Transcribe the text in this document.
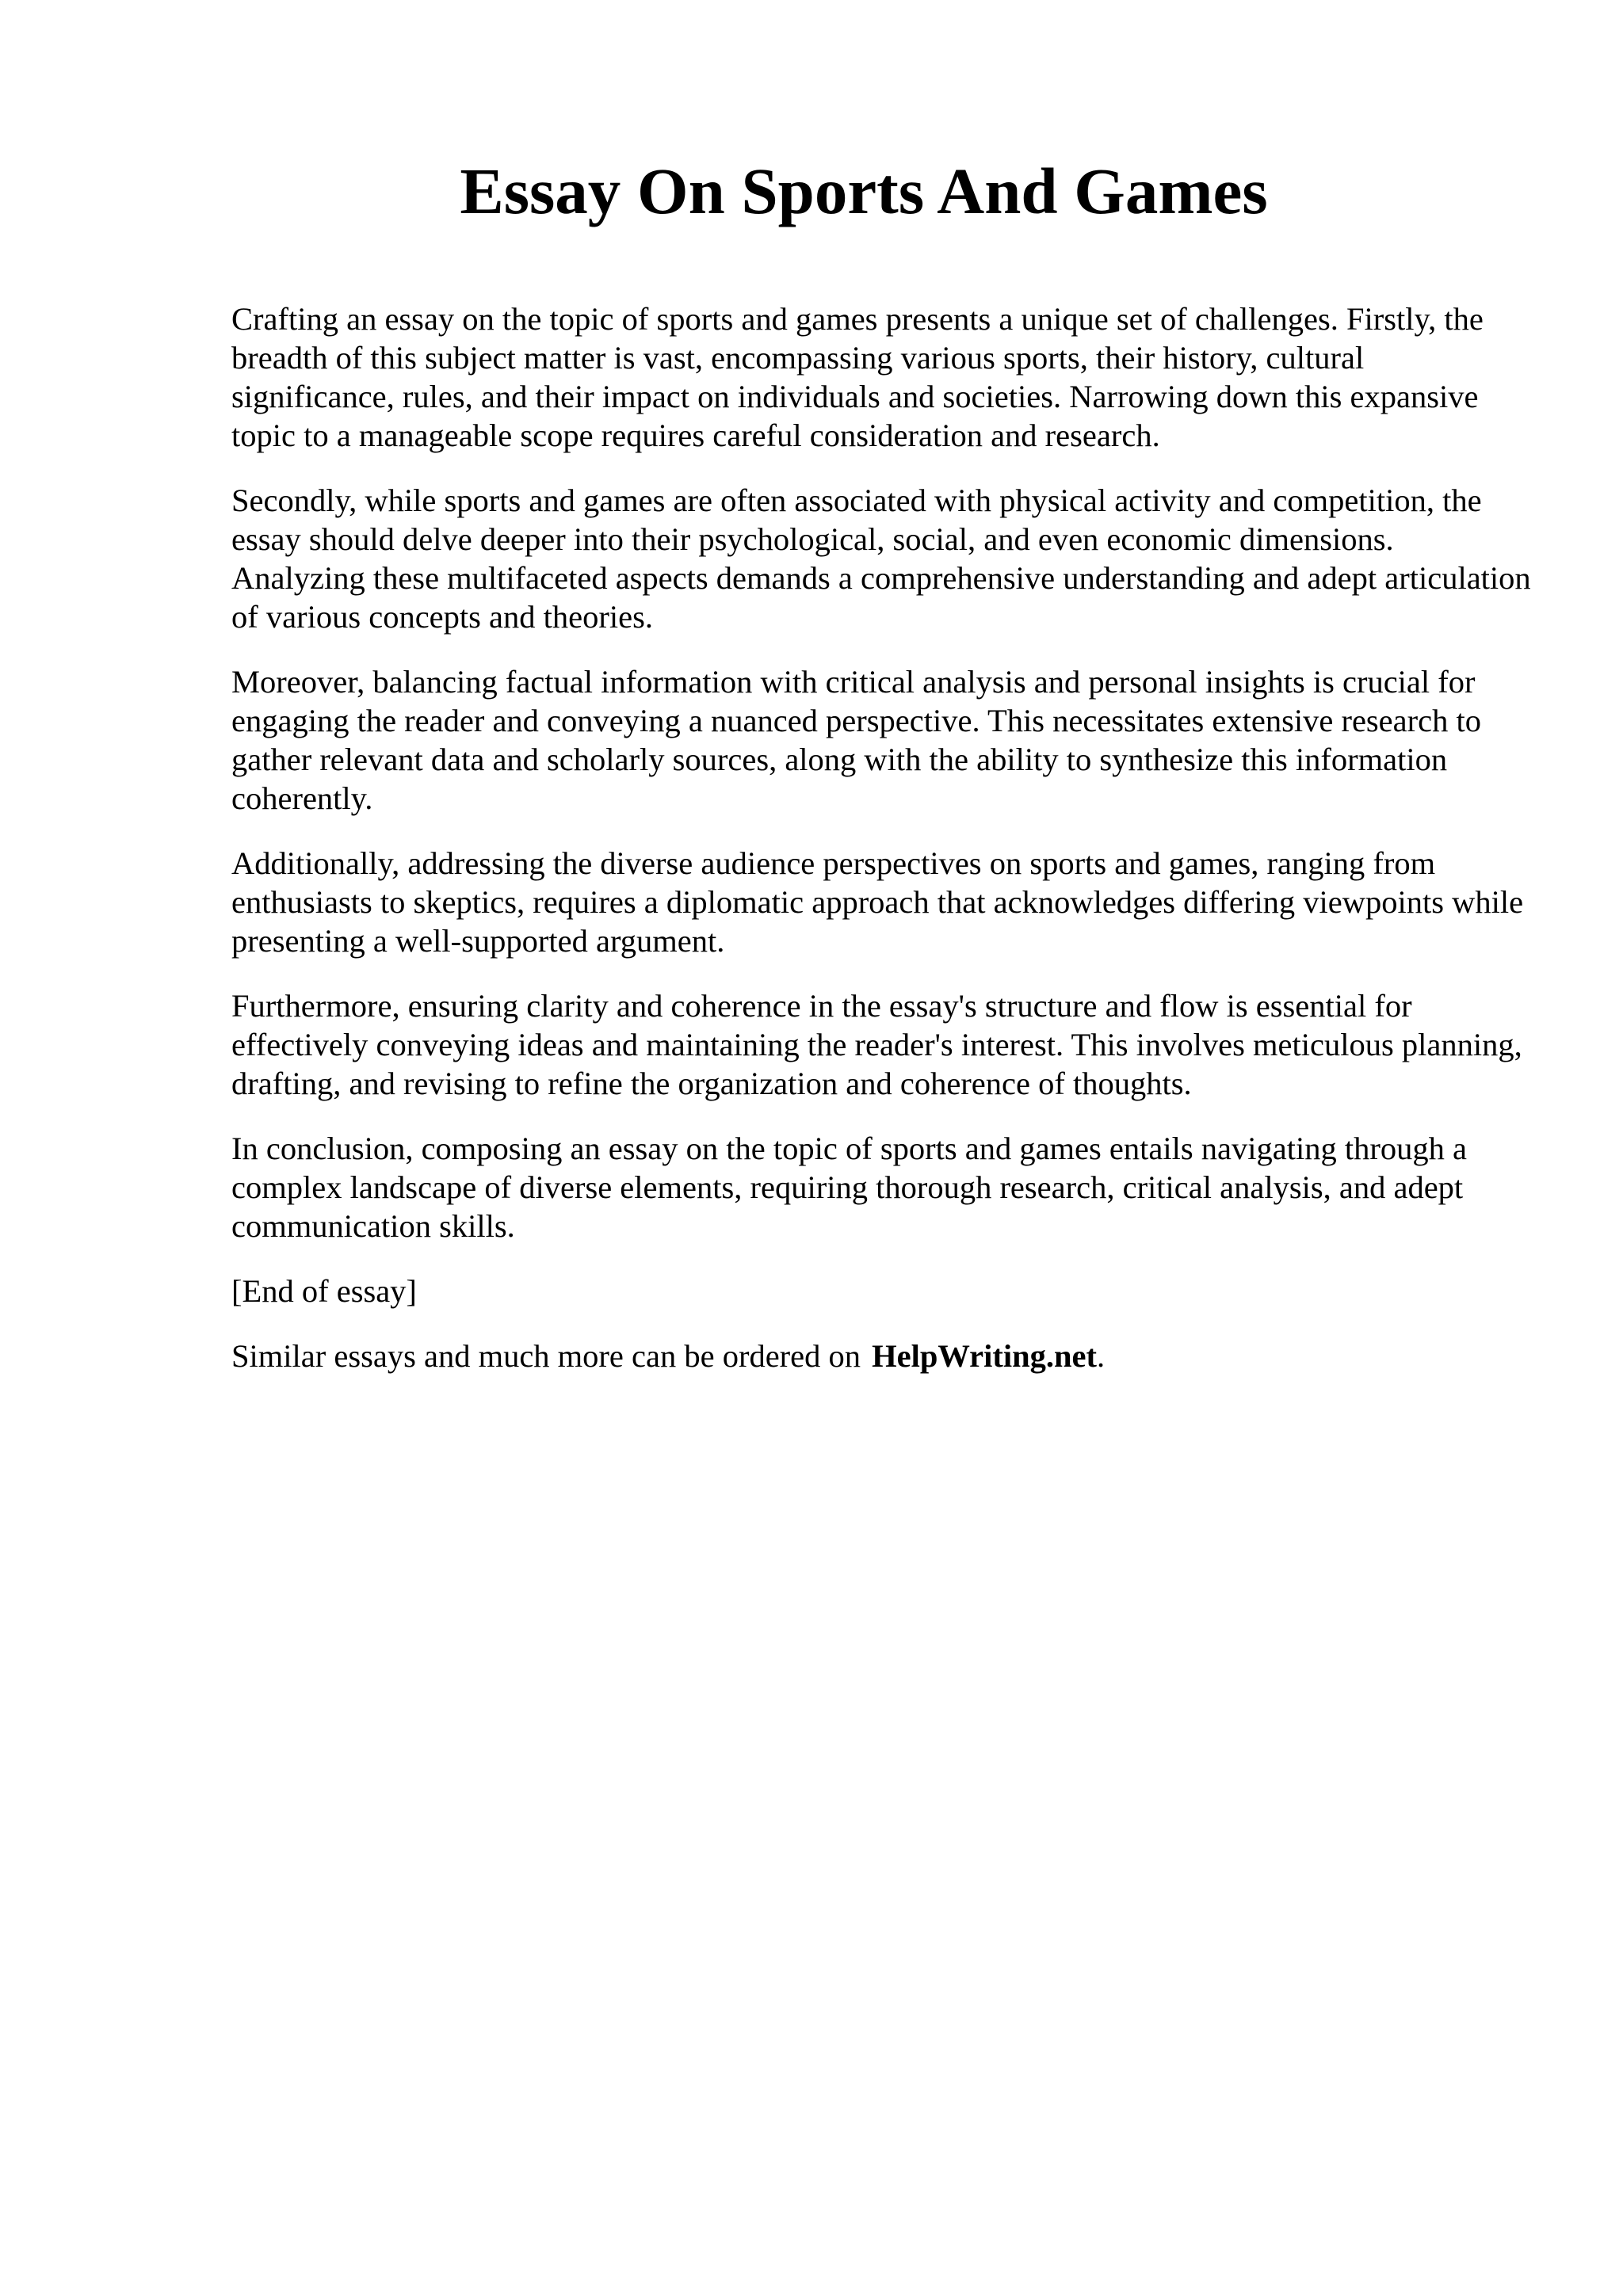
Essay On Sports And Games

Crafting an essay on the topic of sports and games presents a unique set of challenges. Firstly, the breadth of this subject matter is vast, encompassing various sports, their history, cultural significance, rules, and their impact on individuals and societies. Narrowing down this expansive topic to a manageable scope requires careful consideration and research.

Secondly, while sports and games are often associated with physical activity and competition, the essay should delve deeper into their psychological, social, and even economic dimensions. Analyzing these multifaceted aspects demands a comprehensive understanding and adept articulation of various concepts and theories.

Moreover, balancing factual information with critical analysis and personal insights is crucial for engaging the reader and conveying a nuanced perspective. This necessitates extensive research to gather relevant data and scholarly sources, along with the ability to synthesize this information coherently.

Additionally, addressing the diverse audience perspectives on sports and games, ranging from enthusiasts to skeptics, requires a diplomatic approach that acknowledges differing viewpoints while presenting a well-supported argument.

Furthermore, ensuring clarity and coherence in the essay's structure and flow is essential for effectively conveying ideas and maintaining the reader's interest. This involves meticulous planning, drafting, and revising to refine the organization and coherence of thoughts.

In conclusion, composing an essay on the topic of sports and games entails navigating through a complex landscape of diverse elements, requiring thorough research, critical analysis, and adept communication skills.

[End of essay]

Similar essays and much more can be ordered on HelpWriting.net.
